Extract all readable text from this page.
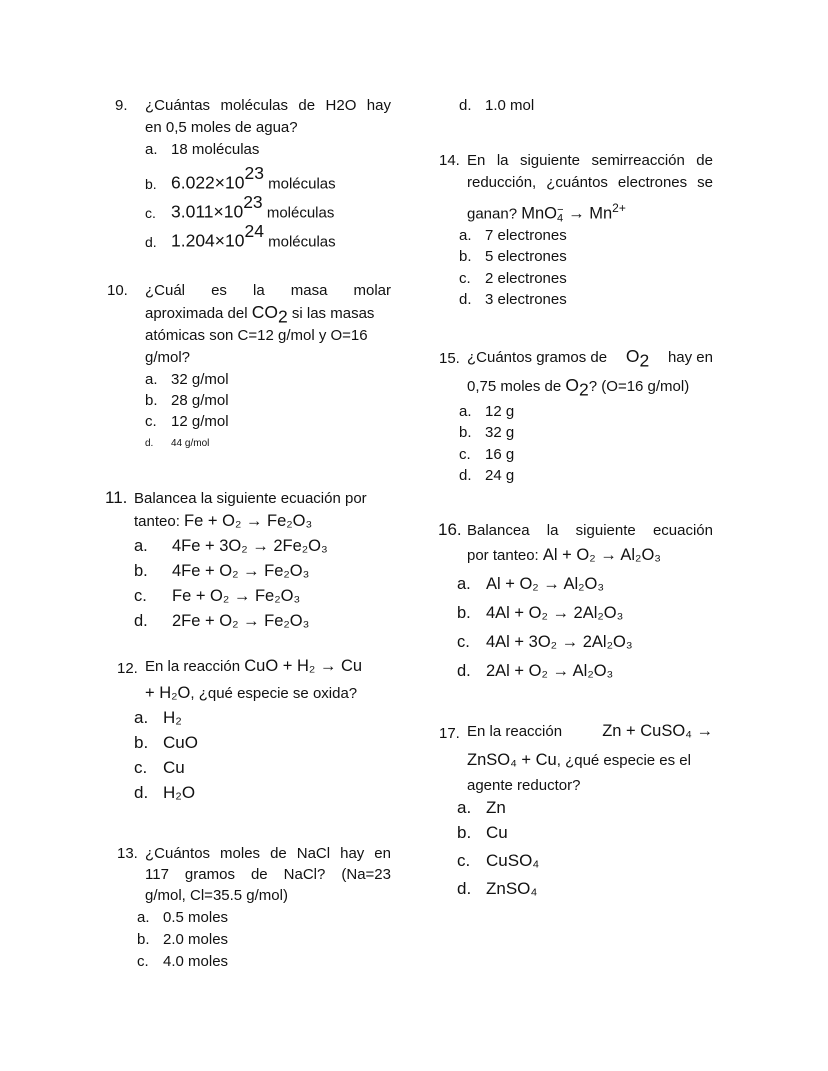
9. ¿Cuántas moléculas de H2O hay
en 0,5 moles de agua?
a. 18 moléculas
b. $6.022\times 10^{23}$ moléculas
c. $3.011\times 10^{23}$ moléculas
d. $1.204\times 10^{24}$ moléculas
10. ¿Cuál es la masa molar
aproximada del $CO_2$ si las masas
atómicas son C=12 g/mol y O=16
g/mol?
a. 32 g/mol
b. 28 g/mol
c. 12 g/mol
d. 44 g/mol
11. Balancea la siguiente ecuación por
tanteo: Fe + O₂ → Fe₂O₃
a. 4Fe + 3O₂ → 2Fe₂O₃
b. 4Fe + O₂ → Fe₂O₃
c. Fe + O₂ → Fe₂O₃
d. 2Fe + O₂ → Fe₂O₃
12. En la reacción CuO + H₂ → Cu
+ H₂O, ¿qué especie se oxida?
a. H₂
b. CuO
c. Cu
d. H₂O
13. ¿Cuántos moles de NaCl hay en
117 gramos de NaCl? (Na=23
g/mol, Cl=35.5 g/mol)
a. 0.5 moles
b. 2.0 moles
c. 4.0 moles
d. 1.0 mol
14. En la siguiente semirreacción de
reducción, ¿cuántos electrones se
ganan? $MnO_4^- \to Mn^{2+}$
a. 7 electrones
b. 5 electrones
c. 2 electrones
d. 3 electrones
15. ¿Cuántos gramos de $O_2$ hay en
0,75 moles de $O_2$? (O=16 g/mol)
a. 12 g
b. 32 g
c. 16 g
d. 24 g
16. Balancea la siguiente ecuación
por tanteo: Al + O₂ → Al₂O₃
a. Al + O₂ → Al₂O₃
b. 4Al + O₂ → 2Al₂O₃
c. 4Al + 3O₂ → 2Al₂O₃
d. 2Al + O₂ → Al₂O₃
17. En la reacción Zn + CuSO₄ →
ZnSO₄ + Cu, ¿qué especie es el
agente reductor?
a. Zn
b. Cu
c. CuSO₄
d. ZnSO₄
